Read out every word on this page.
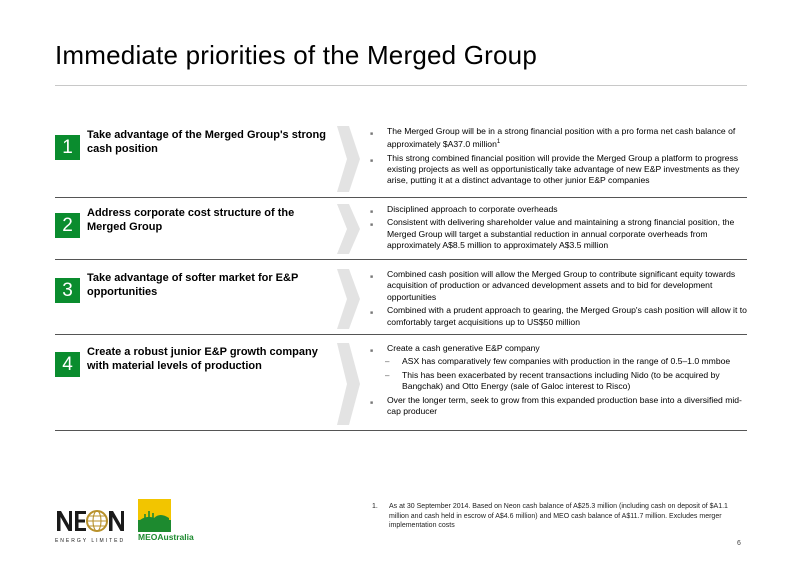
Immediate priorities of the Merged Group
1
Take advantage of the Merged Group's strong cash position
■ The Merged Group will be in a strong financial position with a pro forma net cash balance of approximately $A37.0 million$^1$
■ This strong combined financial position will provide the Merged Group a platform to progress existing projects as well as opportunistically take advantage of new E&P investments as they arise, putting it at a distinct advantage to other junior E&P companies
2
Address corporate cost structure of the Merged Group
■ Disciplined approach to corporate overheads
■ Consistent with delivering shareholder value and maintaining a strong financial position, the Merged Group will target a substantial reduction in annual corporate overheads from approximately A$8.5 million to approximately A$3.5 million
3
Take advantage of softer market for E&P opportunities
■ Combined cash position will allow the Merged Group to contribute significant equity towards acquisition of production or advanced development assets and to bid for development opportunities
■ Combined with a prudent approach to gearing, the Merged Group's cash position will allow it to comfortably target acquisitions up to US$50 million
4
Create a robust junior E&P growth company with material levels of production
■ Create a cash generative E&P company
– ASX has comparatively few companies with production in the range of 0.5–1.0 mmboe
– This has been exacerbated by recent transactions including Nido (to be acquired by Bangchak) and Otto Energy (sale of Galoc interest to Risco)
■ Over the longer term, seek to grow from this expanded production base into a diversified mid-cap producer
1. As at 30 September 2014. Based on Neon cash balance of A$25.3 million (including cash on deposit of $A1.1 million and cash held in escrow of A$4.6 million) and MEO cash balance of A$11.7 million. Excludes merger implementation costs
6
ENERGY LIMITED MEOAustralia
